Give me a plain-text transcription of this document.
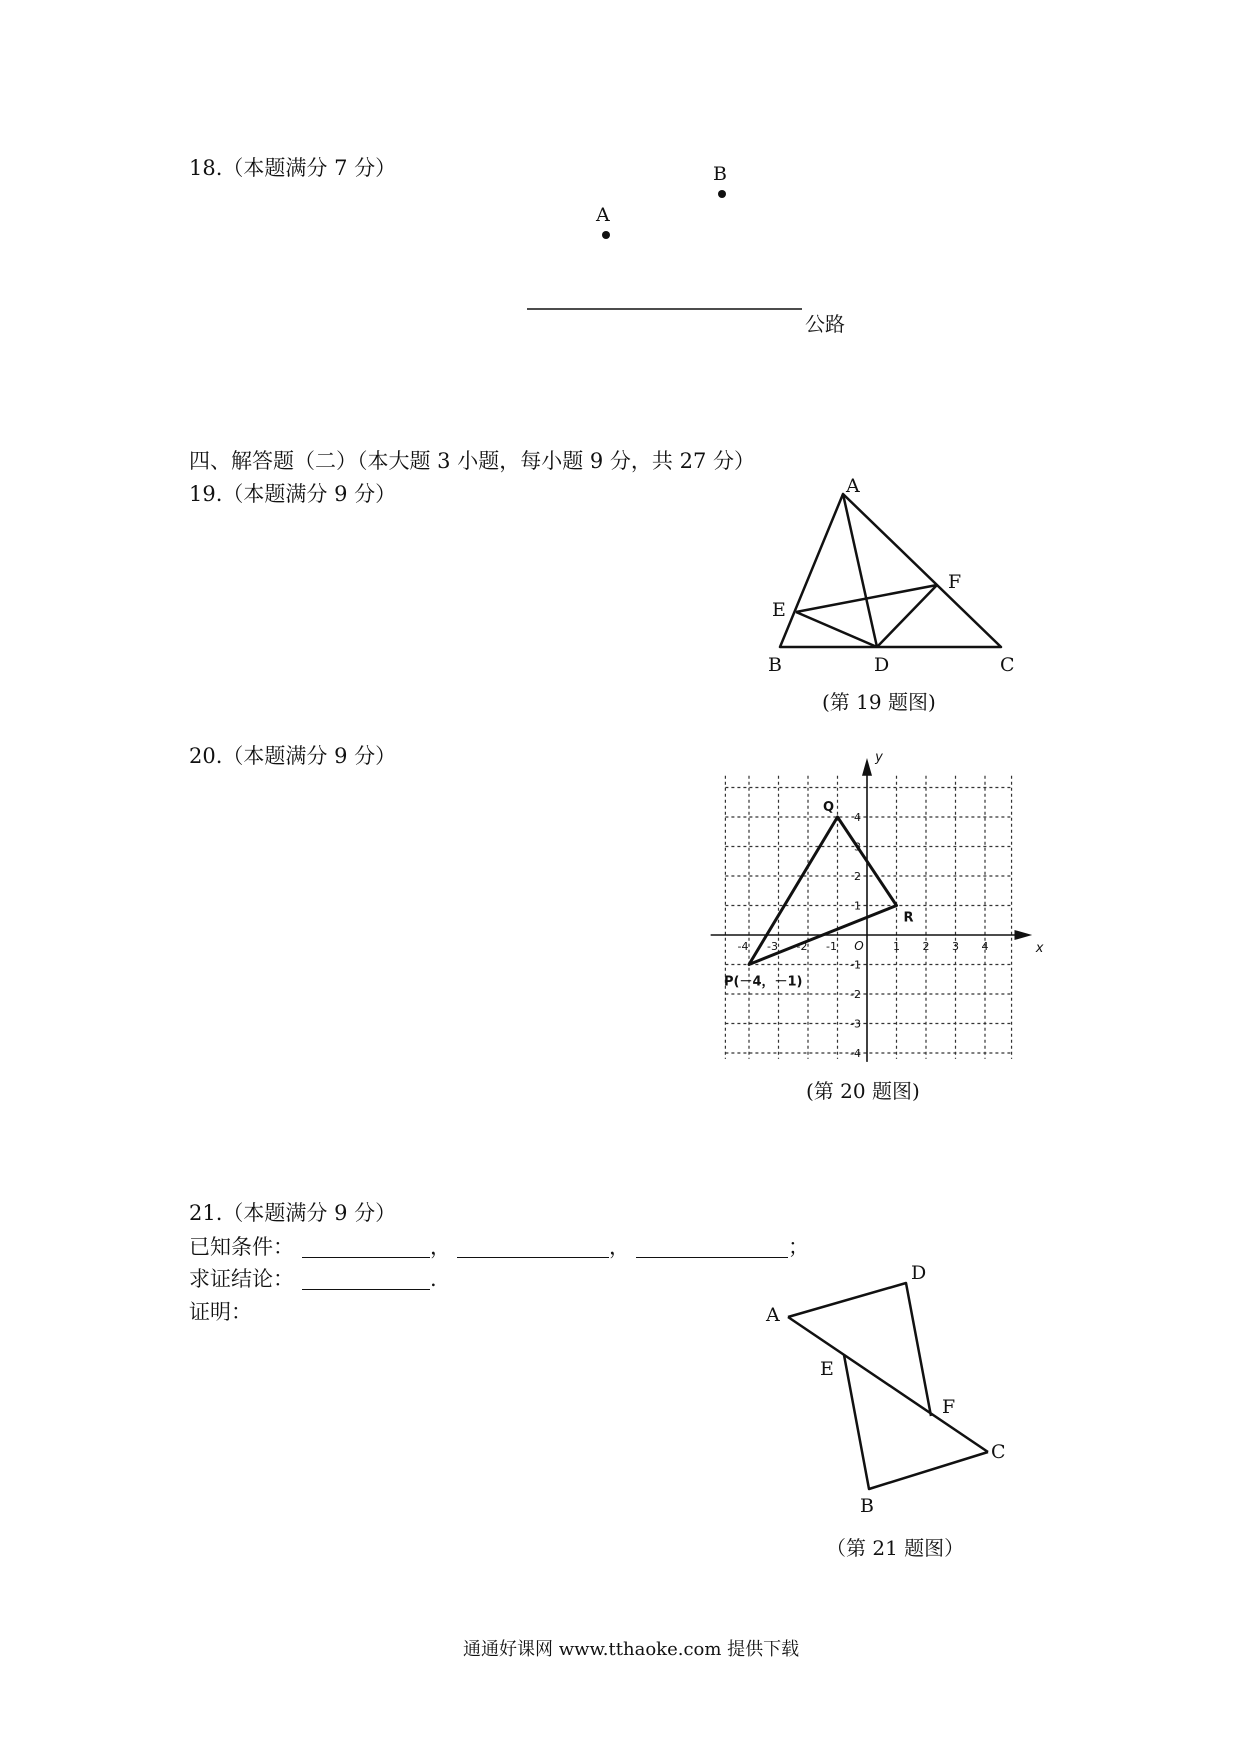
18.（本题满分 7 分）
A
B
公路
四、解答题（二）（本大题 3 小题，每小题 9 分，共 27 分）
19.（本题满分 9 分）	A
F
E
B	D	C
(第 19 题图)
20.（本题满分 9 分）
x
y
O
-4 -3 -2 -1	1 2 3 4
4
3
2
1
-1
-2
-3
-4
Q
R
P(－4，－1)
(第 20 题图)
21.（本题满分 9 分）
已知条件：	，	，	；
求证结论：	.
证明：	A
D
E
F
C
B
（第 21 题图）
通通好课网 www.tthaoke.com 提供下载
